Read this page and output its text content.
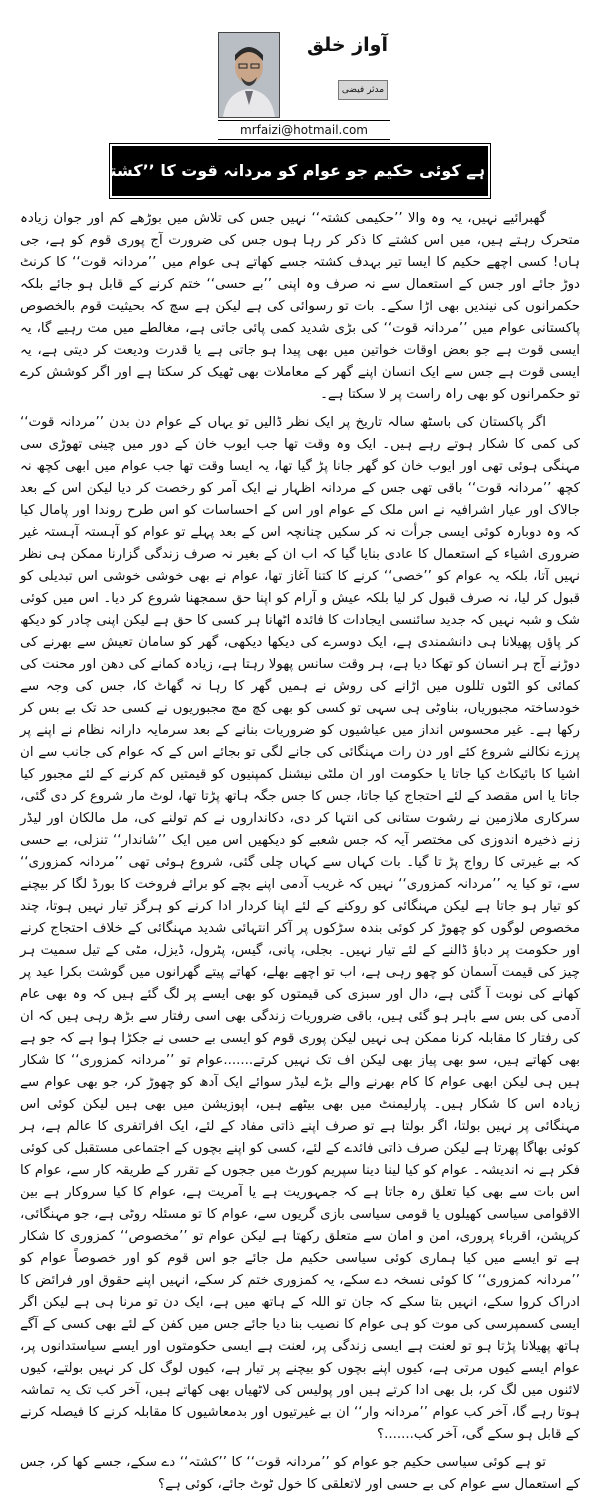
آواز خلق
مدثر فیضی
mrfaizi@hotmail.com
ہے کوئی حکیم جو عوام کو مردانہ قوت کا ’’کشتہ‘‘ دے سکے؟

گھبرائیے نہیں، یہ وہ والا ’’حکیمی کشتہ‘‘ نہیں جس کی تلاش میں بوڑھے کم اور جوان زیادہ متحرک رہتے ہیں، میں اس کشتے کا ذکر کر رہا ہوں جس کی ضرورت آج پوری قوم کو ہے، جی ہاں! کسی اچھے حکیم کا ایسا تیر بہدف کشتہ جسے کھاتے ہی عوام میں ’’مردانہ قوت‘‘ کا کرنٹ دوڑ جائے اور جس کے استعمال سے نہ صرف وہ اپنی ’’بے حسی‘‘ ختم کرنے کے قابل ہو جائے بلکہ حکمرانوں کی نیندیں بھی اڑا سکے۔ بات تو رسوائی کی ہے لیکن ہے سچ کہ بحیثیت قوم بالخصوص پاکستانی عوام میں ’’مردانہ قوت‘‘ کی بڑی شدید کمی پائی جاتی ہے، مغالطے میں مت رہیے گا، یہ ایسی قوت ہے جو بعض اوقات خواتین میں بھی پیدا ہو جاتی ہے یا قدرت ودیعت کر دیتی ہے، یہ ایسی قوت ہے جس سے ایک انسان اپنے گھر کے معاملات بھی ٹھیک کر سکتا ہے اور اگر کوشش کرے تو حکمرانوں کو بھی راہ راست پر لا سکتا ہے۔

اگر پاکستان کی باسٹھ سالہ تاریخ پر ایک نظر ڈالیں تو یہاں کے عوام دن بدن ’’مردانہ قوت‘‘ کی کمی کا شکار ہوتے رہے ہیں۔ ایک وہ وقت تھا جب ایوب خان کے دور میں چینی تھوڑی سی مہنگی ہوئی تھی اور ایوب خان کو گھر جانا پڑ گیا تھا، یہ ایسا وقت تھا جب عوام میں ابھی کچھ نہ کچھ ’’مردانہ قوت‘‘ باقی تھی جس کے مردانہ اظہار نے ایک آمر کو رخصت کر دیا لیکن اس کے بعد جالاک اور عیار اشرافیہ نے اس ملک کے عوام اور اس کے احساسات کو اس طرح روندا اور پامال کیا کہ وہ دوبارہ کوئی ایسی جرأت نہ کر سکیں چنانچہ اس کے بعد پہلے تو عوام کو آہستہ آہستہ غیر ضروری اشیاء کے استعمال کا عادی بنایا گیا کہ اب ان کے بغیر نہ صرف زندگی گزارنا ممکن ہی نظر نہیں آتا، بلکہ یہ عوام کو ’’خصی‘‘ کرنے کا کتنا آغاز تھا، عوام نے بھی خوشی خوشی اس تبدیلی کو قبول کر لیا، نہ صرف قبول کر لیا بلکہ عیش و آرام کو اپنا حق سمجھنا شروع کر دیا۔ اس میں کوئی شک و شبہ نہیں کہ جدید سائنسی ایجادات کا فائدہ اٹھانا ہر کسی کا حق ہے لیکن اپنی چادر کو دیکھ کر پاؤں پھیلانا ہی دانشمندی ہے، ایک دوسرے کی دیکھا دیکھی، گھر کو سامان تعیش سے بھرنے کی دوڑنے آج ہر انسان کو تھکا دیا ہے، ہر وقت سانس پھولا رہتا ہے، زیادہ کمانے کی دھن اور محنت کی کمائی کو الٹوں تللوں میں اڑانے کی روش نے ہمیں گھر کا رہا نہ گھاٹ کا، جس کی وجہ سے خودساختہ مجبوریاں، بناوٹی ہی سہی تو کسی کو بھی کچ مچ مجبوریوں نے کسی حد تک بے بس کر رکھا ہے۔ غیر محسوس انداز میں عیاشیوں کو ضروریات بنانے کے بعد سرمایہ دارانہ نظام نے اپنے پر پرزے نکالنے شروع کئے اور دن رات مہنگائی کی جانے لگی تو بجائے اس کے کہ عوام کی جانب سے ان اشیا کا بائیکاٹ کیا جاتا یا حکومت اور ان ملٹی نیشنل کمپنیوں کو قیمتیں کم کرنے کے لئے مجبور کیا جاتا یا اس مقصد کے لئے احتجاج کیا جاتا، جس کا جس جگہ ہاتھ پڑتا تھا، لوٹ مار شروع کر دی گئی، سرکاری ملازمین نے رشوت ستانی کی انتہا کر دی، دکانداروں نے کم تولنے کی، مل مالکان اور لیڈر زنے ذخیرہ اندوزی کی مختصر آیہ کہ جس شعبے کو دیکھیں اس میں ایک ’’شاندار‘‘ تنزلی، بے حسی کہ بے غیرتی کا رواج پڑ تا گیا۔ بات کہاں سے کہاں چلی گئی، شروع ہوئی تھی ’’مردانہ کمزوری‘‘ سے، تو کیا یہ ’’مردانہ کمزوری‘‘ نہیں کہ غریب آدمی اپنے بچے کو برائے فروخت کا بورڈ لگا کر بیچنے کو تیار ہو جاتا ہے لیکن مہنگائی کو روکنے کے لئے اپنا کردار ادا کرنے کو ہرگز تیار نہیں ہوتا، چند مخصوص لوگوں کو چھوڑ کر کوئی بندہ سڑکوں پر آکر انتہائی شدید مہنگائی کے خلاف احتجاج کرنے اور حکومت پر دباؤ ڈالنے کے لئے تیار نہیں۔ بجلی، پانی، گیس، پٹرول، ڈیزل، مٹی کے تیل سمیت ہر چیز کی قیمت آسمان کو چھو رہی ہے، اب تو اچھے بھلے، کھاتے پیتے گھرانوں میں گوشت بکرا عید پر کھانے کی نوبت آ گئی ہے، دال اور سبزی کی قیمتوں کو بھی ایسے پر لگ گئے ہیں کہ وہ بھی عام آدمی کی بس سے باہر ہو گئی ہیں، باقی ضروریات زندگی بھی اسی رفتار سے بڑھ رہی ہیں کہ ان کی رفتار کا مقابلہ کرنا ممکن ہی نہیں لیکن پوری قوم کو ایسی بے حسی نے جکڑا ہوا ہے کہ جو ہے بھی کھاتے ہیں، سو بھی پیاز بھی لیکن اف تک نہیں کرتے.......عوام تو ’’مردانہ کمزوری‘‘ کا شکار ہیں ہی لیکن ابھی عوام کا کام بھرنے والے بڑے لیڈر سوائے ایک آدھ کو چھوڑ کر، جو بھی عوام سے زیادہ اس کا شکار ہیں۔ پارلیمنٹ میں بھی بیٹھے ہیں، اپوزیشن میں بھی ہیں لیکن کوئی اس مہنگائی پر نہیں بولتا، اگر بولتا ہے تو صرف اپنے ذاتی مفاد کے لئے، ایک افراتفری کا عالم ہے، ہر کوئی بھاگا پھرتا ہے لیکن صرف ذاتی فائدے کے لئے، کسی کو اپنے بچوں کے اجتماعی مستقبل کی کوئی فکر ہے نہ اندیشہ۔ عوام کو کیا لینا دینا سپریم کورٹ میں ججوں کے تقرر کے طریقہ کار سے، عوام کا اس بات سے بھی کیا تعلق رہ جاتا ہے کہ جمہوریت ہے یا آمریت ہے، عوام کا کیا سروکار ہے بین الاقوامی سیاسی کھیلوں یا قومی سیاسی بازی گریوں سے، عوام کا تو مسئلہ روٹی ہے، جو مہنگائی، کرپشن، اقرباء پروری، امن و امان سے متعلق رکھتا ہے لیکن عوام تو ’’مخصوص‘‘ کمزوری کا شکار ہے تو ایسے میں کیا ہماری کوئی سیاسی حکیم مل جائے جو اس قوم کو اور خصوصاً عوام کو ’’مردانہ کمزوری‘‘ کا کوئی نسخہ دے سکے، یہ کمزوری ختم کر سکے، انہیں اپنے حقوق اور فرائض کا ادراک کروا سکے، انہیں بتا سکے کہ جان تو اللہ کے ہاتھ میں ہے، ایک دن تو مرنا ہی ہے لیکن اگر ایسی کسمپرسی کی موت کو ہی عوام کا نصیب بنا دیا جائے جس میں کفن کے لئے بھی کسی کے آگے ہاتھ پھیلانا پڑتا ہو تو لعنت ہے ایسی زندگی پر، لعنت ہے ایسی حکومتوں اور ایسے سیاستدانوں پر، عوام ایسے کیوں مرتی ہے، کیوں اپنے بچوں کو بیچنے پر تیار ہے، کیوں لوگ کل کر نہیں بولتے، کیوں لائنوں میں لگ کر، بل بھی ادا کرتے ہیں اور پولیس کی لاٹھیاں بھی کھاتے ہیں، آخر کب تک یہ تماشہ ہوتا رہے گا، آخر کب عوام ’’مردانہ وار‘‘ ان بے غیرتیوں اور بدمعاشیوں کا مقابلہ کرنے کا فیصلہ کرنے کے قابل ہو سکے گی، آخر کب.......؟

تو ہے کوئی سیاسی حکیم جو عوام کو ’’مردانہ قوت‘‘ کا ’’کشتہ‘‘ دے سکے، جسے کھا کر، جس کے استعمال سے عوام کی بے حسی اور لاتعلقی کا خول ٹوٹ جائے، کوئی ہے؟
